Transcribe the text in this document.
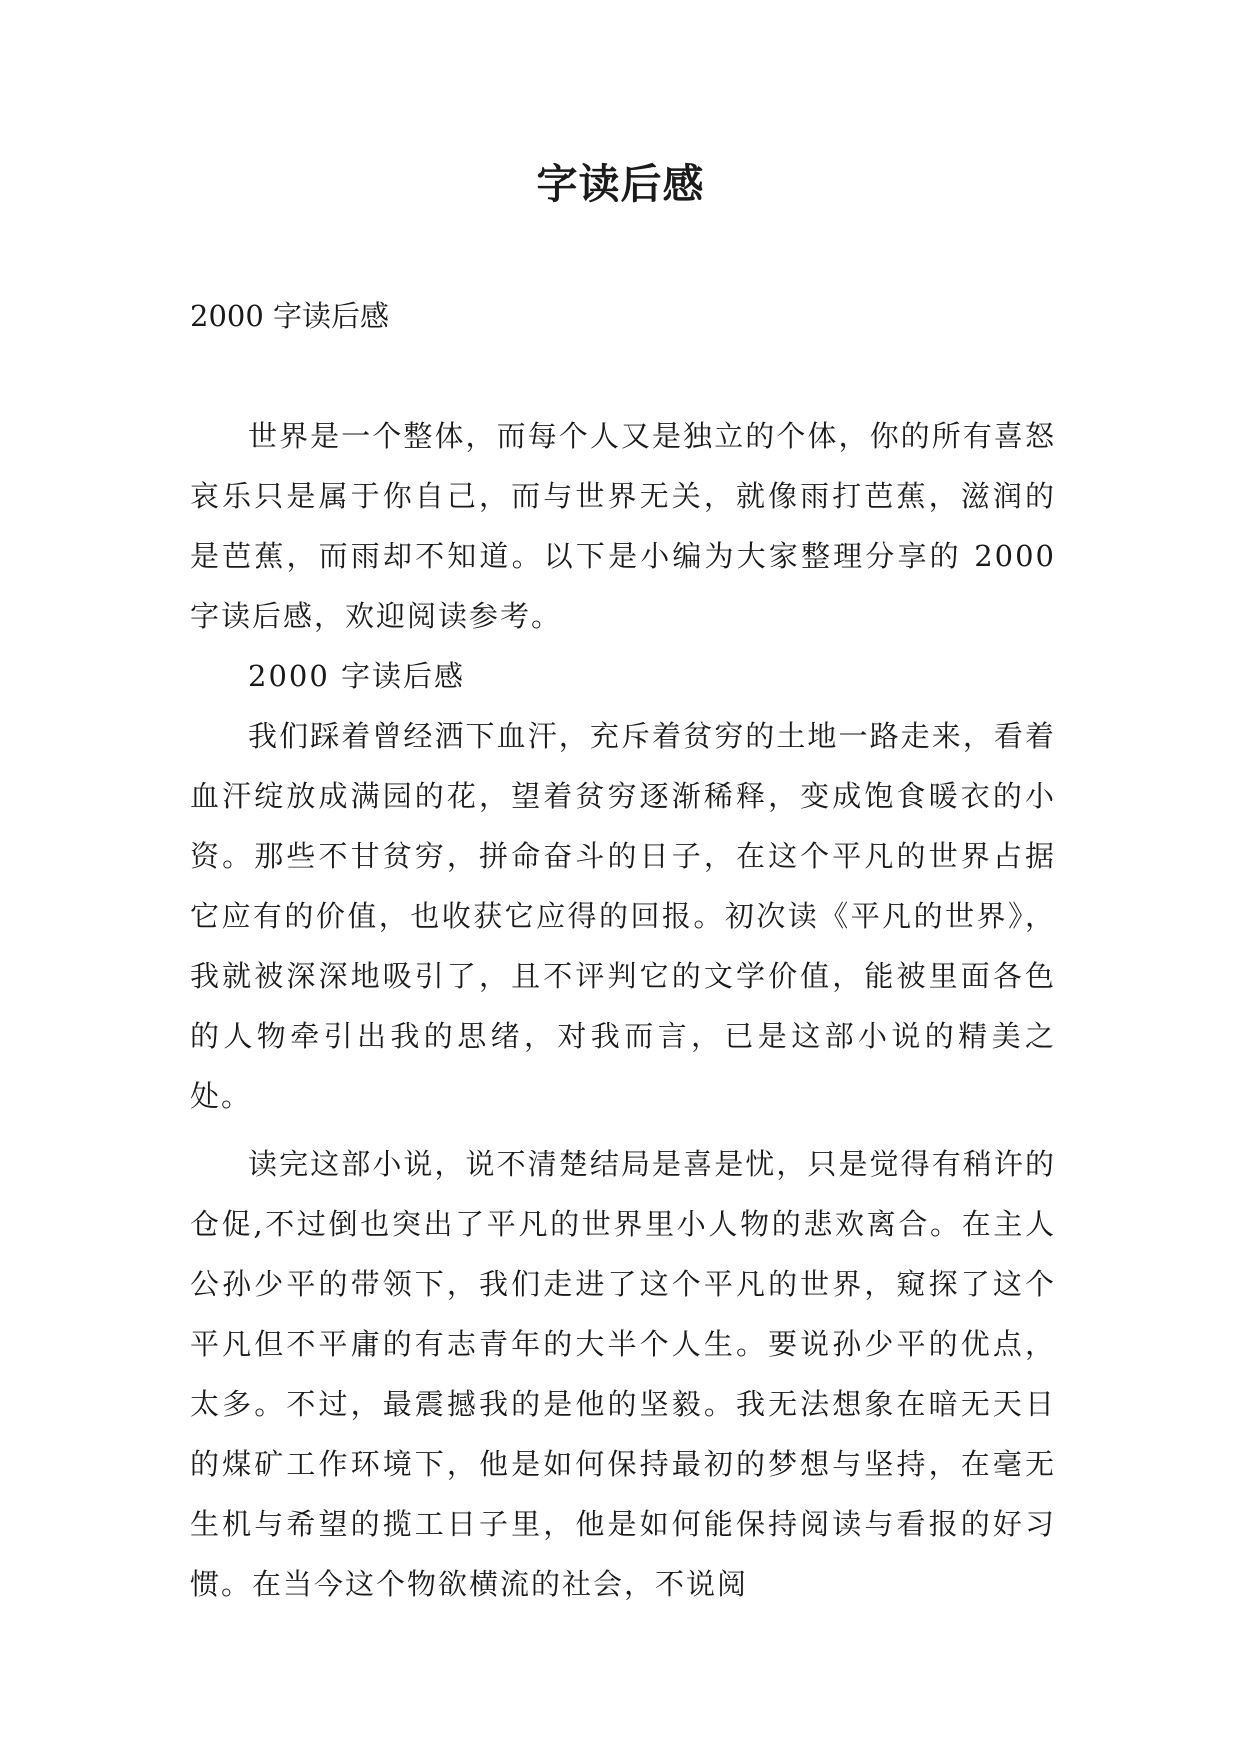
字读后感
2000 字读后感

世界是一个整体，而每个人又是独立的个体，你的所有喜怒哀乐只是属于你自己，而与世界无关，就像雨打芭蕉，滋润的是芭蕉，而雨却不知道。以下是小编为大家整理分享的 2000 字读后感，欢迎阅读参考。

2000 字读后感

我们踩着曾经洒下血汗，充斥着贫穷的土地一路走来，看着血汗绽放成满园的花，望着贫穷逐渐稀释，变成饱食暖衣的小资。那些不甘贫穷，拼命奋斗的日子，在这个平凡的世界占据它应有的价值，也收获它应得的回报。初次读《平凡的世界》，我就被深深地吸引了，且不评判它的文学价值，能被里面各色的人物牵引出我的思绪，对我而言，已是这部小说的精美之处。

读完这部小说，说不清楚结局是喜是忧，只是觉得有稍许的仓促,不过倒也突出了平凡的世界里小人物的悲欢离合。在主人公孙少平的带领下，我们走进了这个平凡的世界，窥探了这个平凡但不平庸的有志青年的大半个人生。要说孙少平的优点，太多。不过，最震撼我的是他的坚毅。我无法想象在暗无天日的煤矿工作环境下，他是如何保持最初的梦想与坚持，在毫无生机与希望的揽工日子里，他是如何能保持阅读与看报的好习惯。在当今这个物欲横流的社会，不说阅
